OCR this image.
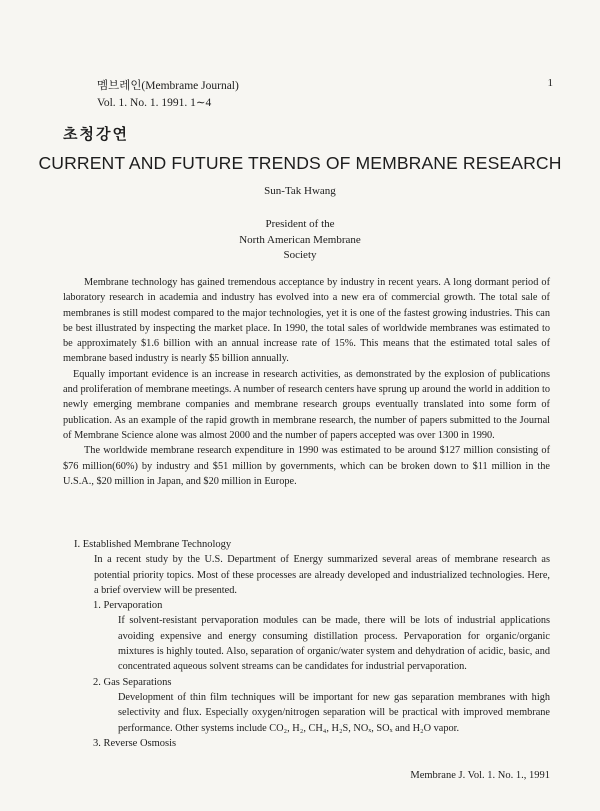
멤브레인(Membrame Journal)
Vol. 1. No. 1. 1991. 1∼4
1
초청강연
CURRENT AND FUTURE TRENDS OF MEMBRANE RESEARCH
Sun-Tak Hwang
President of the
North American Membrane
Society

Membrane technology has gained tremendous acceptance by industry in recent years. A long dormant period of laboratory research in academia and industry has evolved into a new era of commercial growth. The total sale of membranes is still modest compared to the major technologies, yet it is one of the fastest growing industries. This can be best illustrated by inspecting the market place. In 1990, the total sales of worldwide membranes was estimated to be approximately $1.6 billion with an annual increase rate of 15%. This means that the estimated total sales of membrane based industry is nearly $5 billion annually.

Equally important evidence is an increase in research activities, as demonstrated by the explosion of publications and proliferation of membrane meetings. A number of research centers have sprung up around the world in addition to newly emerging membrane companies and membrane research groups eventually translated into some form of publication. As an example of the rapid growth in membrane research, the number of papers submitted to the Journal of Membrane Science alone was almost 2000 and the number of papers accepted was over 1300 in 1990.

The worldwide membrane research expenditure in 1990 was estimated to be around $127 million consisting of $76 million(60%) by industry and $51 million by governments, which can be broken down to $11 million in the U.S.A., $20 million in Japan, and $20 million in Europe.

I. Established Membrane Technology

In a recent study by the U.S. Department of Energy summarized several areas of membrane research as potential priority topics. Most of these processes are already developed and industrialized technologies. Here, a brief overview will be presented.

1. Pervaporation

If solvent-resistant pervaporation modules can be made, there will be lots of industrial applications avoiding expensive and energy consuming distillation process. Pervaporation for organic/organic mixtures is highly touted. Also, separation of organic/water system and dehydration of acidic, basic, and concentrated aqueous solvent streams can be candidates for industrial pervaporation.

2. Gas Separations

Development of thin film techniques will be important for new gas separation membranes with high selectivity and flux. Especially oxygen/nitrogen separation will be practical with improved membrane performance. Other systems include CO₂, H₂, CH₄, H₂S, NOₓ, SOₓ and H₂O vapor.

3. Reverse Osmosis
Membrane J. Vol. 1. No. 1., 1991
